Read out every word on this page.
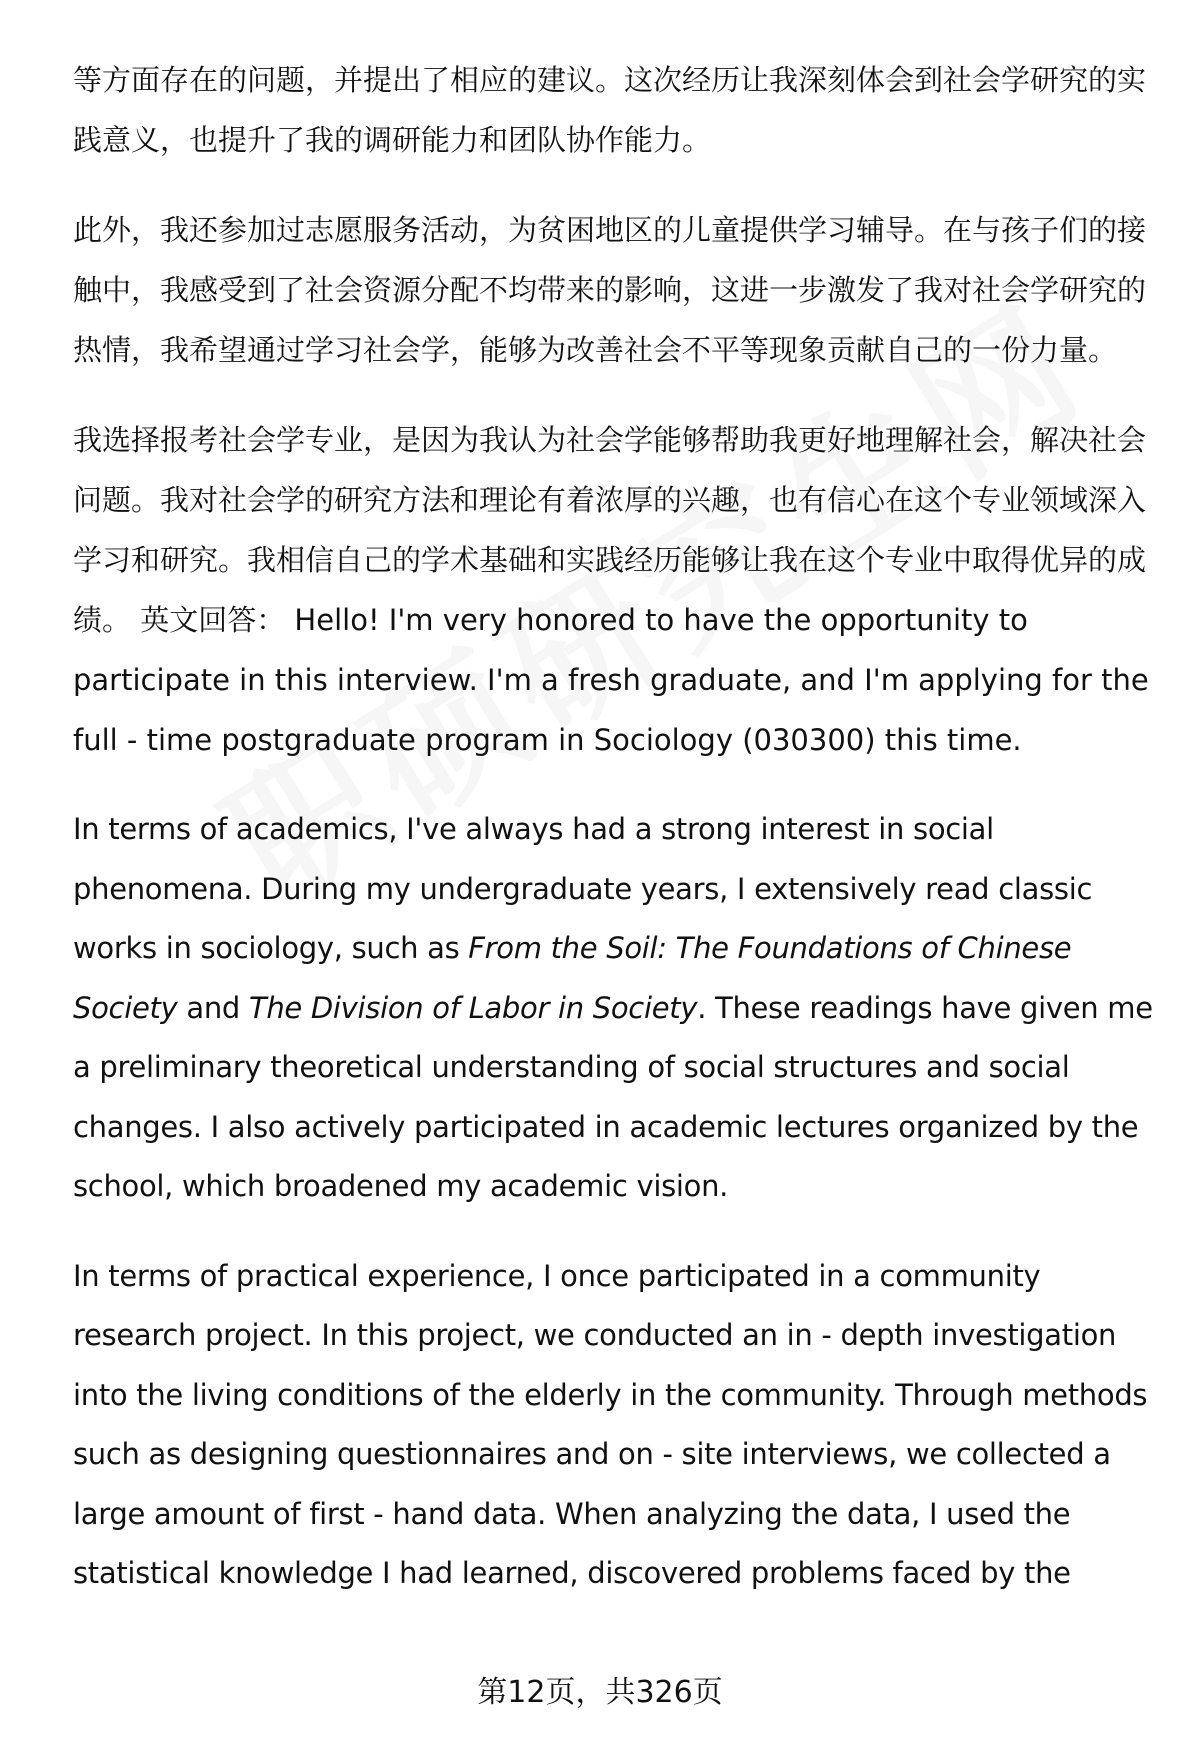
等方面存在的问题，并提出了相应的建议。这次经历让我深刻体会到社会学研究的实践意义，也提升了我的调研能力和团队协作能力。

此外，我还参加过志愿服务活动，为贫困地区的儿童提供学习辅导。在与孩子们的接触中，我感受到了社会资源分配不均带来的影响，这进一步激发了我对社会学研究的热情，我希望通过学习社会学，能够为改善社会不平等现象贡献自己的一份力量。

我选择报考社会学专业，是因为我认为社会学能够帮助我更好地理解社会，解决社会问题。我对社会学的研究方法和理论有着浓厚的兴趣，也有信心在这个专业领域深入学习和研究。我相信自己的学术基础和实践经历能够让我在这个专业中取得优异的成绩。 英文回答： Hello! I'm very honored to have the opportunity to participate in this interview. I'm a fresh graduate, and I'm applying for the full - time postgraduate program in Sociology (030300) this time.

In terms of academics, I've always had a strong interest in social phenomena. During my undergraduate years, I extensively read classic works in sociology, such as From the Soil: The Foundations of Chinese Society and The Division of Labor in Society. These readings have given me a preliminary theoretical understanding of social structures and social changes. I also actively participated in academic lectures organized by the school, which broadened my academic vision.

In terms of practical experience, I once participated in a community research project. In this project, we conducted an in - depth investigation into the living conditions of the elderly in the community. Through methods such as designing questionnaires and on - site interviews, we collected a large amount of first - hand data. When analyzing the data, I used the statistical knowledge I had learned, discovered problems faced by the

第12页，共326页
